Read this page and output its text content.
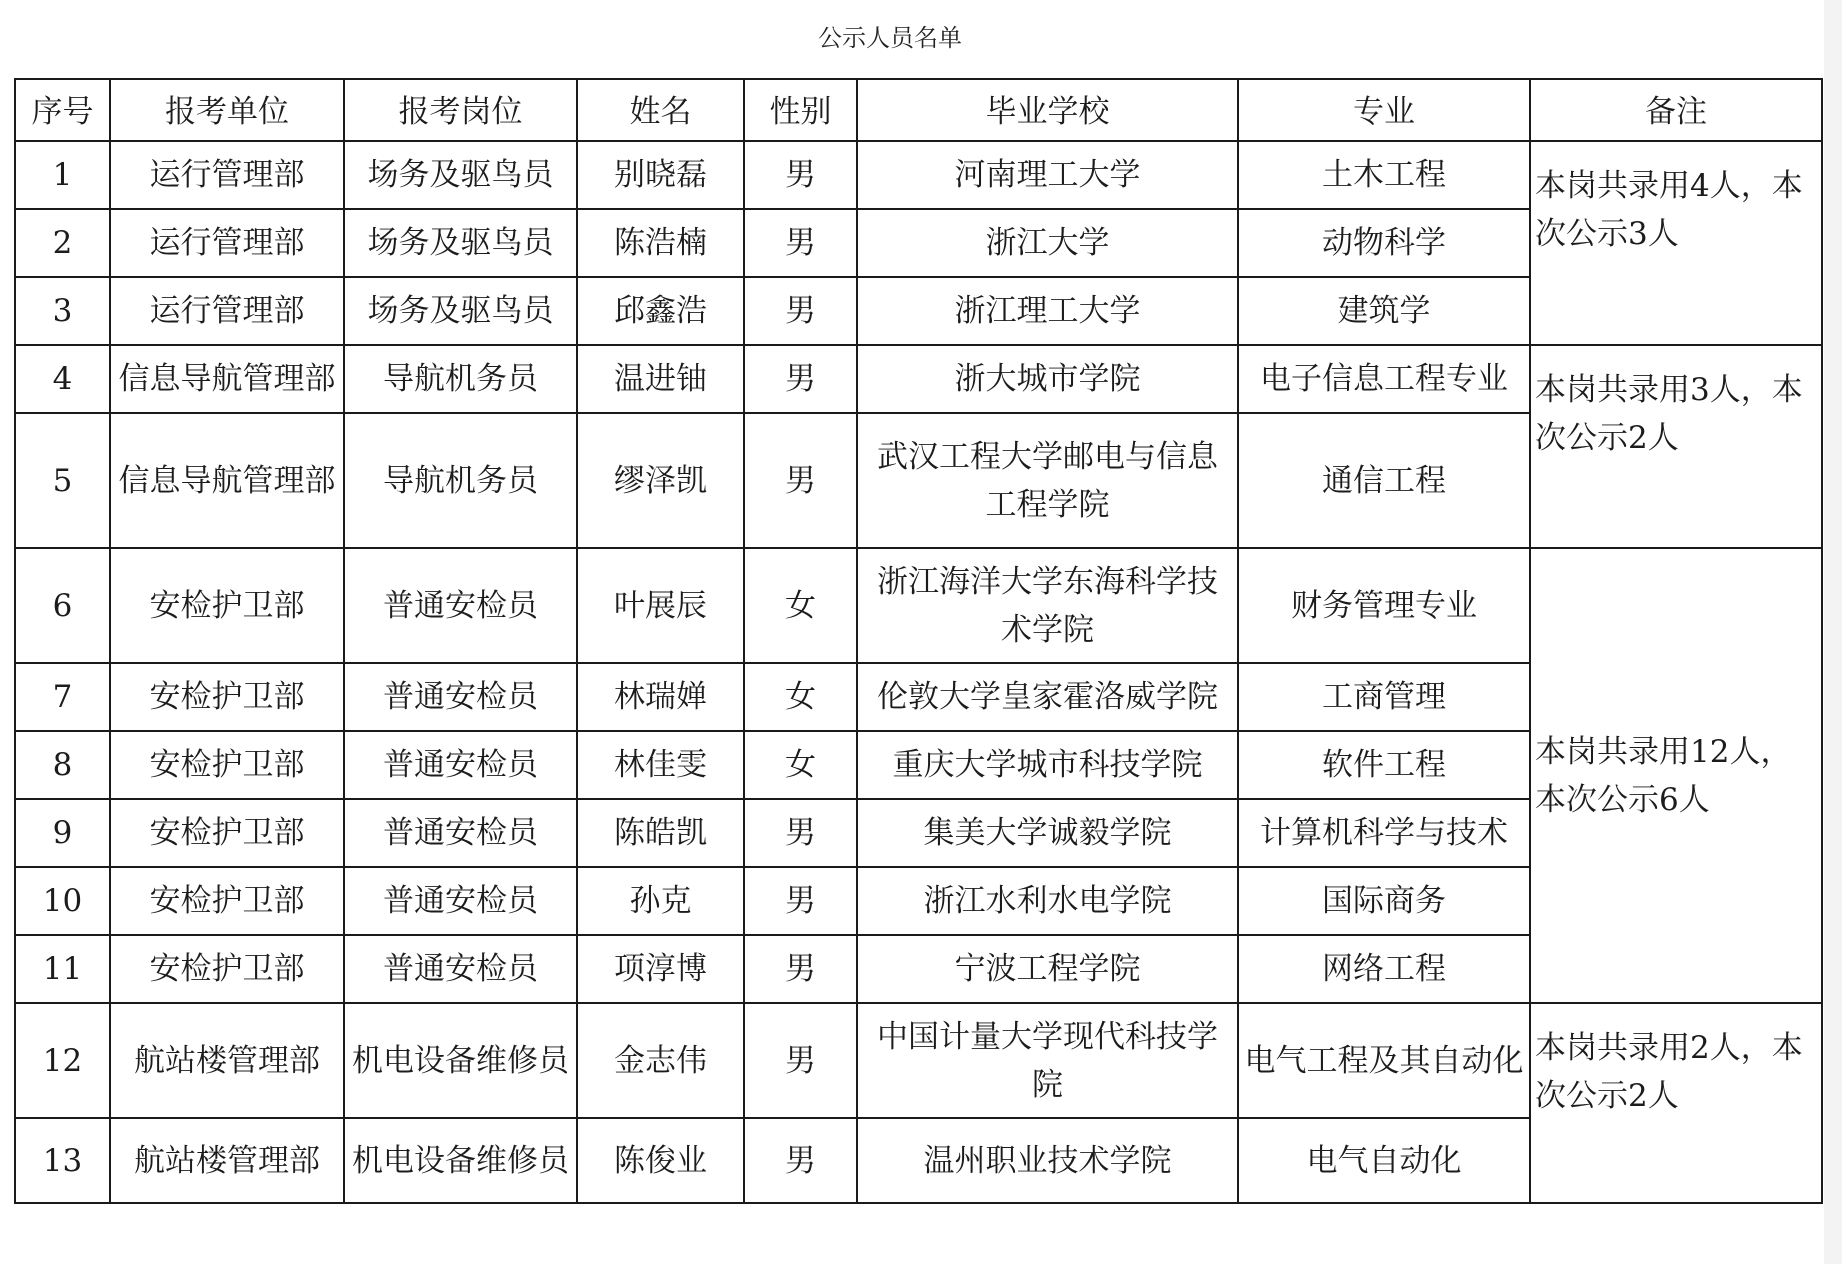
公示人员名单
序号	报考单位	报考岗位	姓名	性别	毕业学校	专业	备注
1	运行管理部	场务及驱鸟员	别晓磊	男	河南理工大学	土木工程	本岗共录用4人，本次公示3人
2	运行管理部	场务及驱鸟员	陈浩楠	男	浙江大学	动物科学	
3	运行管理部	场务及驱鸟员	邱鑫浩	男	浙江理工大学	建筑学	
4	信息导航管理部	导航机务员	温进铀	男	浙大城市学院	电子信息工程专业	本岗共录用3人，本次公示2人
5	信息导航管理部	导航机务员	缪泽凯	男	武汉工程大学邮电与信息工程学院	通信工程	
6	安检护卫部	普通安检员	叶展辰	女	浙江海洋大学东海科学技术学院	财务管理专业	本岗共录用12人，本次公示6人
7	安检护卫部	普通安检员	林瑞婵	女	伦敦大学皇家霍洛威学院	工商管理	
8	安检护卫部	普通安检员	林佳雯	女	重庆大学城市科技学院	软件工程	
9	安检护卫部	普通安检员	陈皓凯	男	集美大学诚毅学院	计算机科学与技术	
10	安检护卫部	普通安检员	孙克	男	浙江水利水电学院	国际商务	
11	安检护卫部	普通安检员	项淳博	男	宁波工程学院	网络工程	
12	航站楼管理部	机电设备维修员	金志伟	男	中国计量大学现代科技学院	电气工程及其自动化	本岗共录用2人，本次公示2人
13	航站楼管理部	机电设备维修员	陈俊业	男	温州职业技术学院	电气自动化	
